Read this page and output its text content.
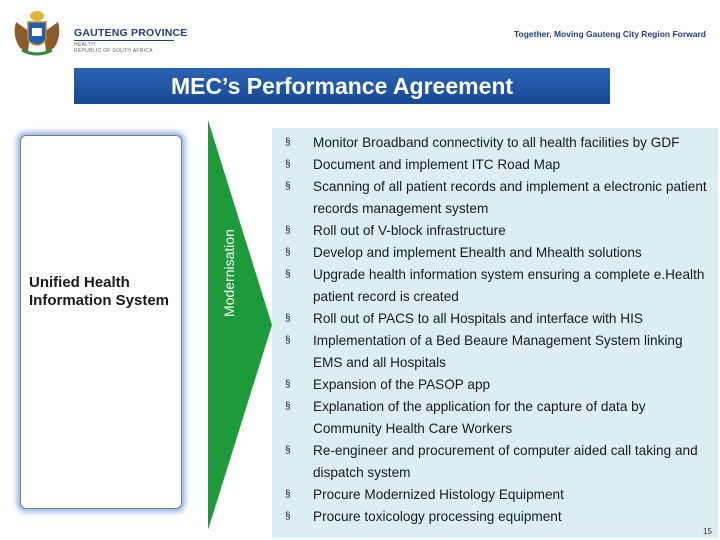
GAUTENG PROVINCE
HEALTH
REPUBLIC OF SOUTH AFRICA
Together, Moving Gauteng City Region Forward
MEC’s Performance Agreement
Unified Health Information System	Modernisation
§	Monitor Broadband connectivity to all health facilities by GDF
§	Document and implement ITC Road Map
§	Scanning of all patient records and implement a electronic patient records management system
§	Roll out of V-block infrastructure
§	Develop and implement Ehealth and Mhealth solutions
§	Upgrade health information system ensuring a complete e.Health patient record is created
§	Roll out of PACS to all Hospitals and interface with HIS
§	Implementation of a Bed Beaure Management System linking EMS and all Hospitals
§	Expansion of the PASOP app
§	Explanation of the application for the capture of data by Community Health Care Workers
§	Re-engineer and procurement of computer aided call taking and dispatch system
§	Procure Modernized Histology Equipment
§	Procure toxicology processing equipment
15
